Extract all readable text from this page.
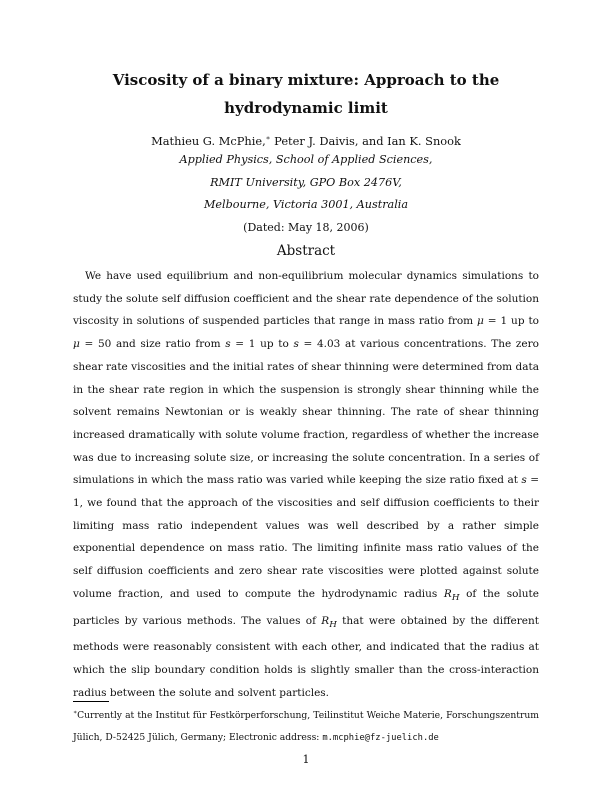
Viscosity of a binary mixture: Approach to the hydrodynamic limit
Mathieu G. McPhie,∗ Peter J. Daivis, and Ian K. Snook
Applied Physics, School of Applied Sciences,
RMIT University, GPO Box 2476V,
Melbourne, Victoria 3001, Australia
(Dated: May 18, 2006)
Abstract

We have used equilibrium and non-equilibrium molecular dynamics simulations to study the solute self diffusion coefficient and the shear rate dependence of the solution viscosity in solutions of suspended particles that range in mass ratio from μ = 1 up to μ = 50 and size ratio from s = 1 up to s = 4.03 at various concentrations. The zero shear rate viscosities and the initial rates of shear thinning were determined from data in the shear rate region in which the suspension is strongly shear thinning while the solvent remains Newtonian or is weakly shear thinning. The rate of shear thinning increased dramatically with solute volume fraction, regardless of whether the increase was due to increasing solute size, or increasing the solute concentration. In a series of simulations in which the mass ratio was varied while keeping the size ratio fixed at s = 1, we found that the approach of the viscosities and self diffusion coefficients to their limiting mass ratio independent values was well described by a rather simple exponential dependence on mass ratio. The limiting infinite mass ratio values of the self diffusion coefficients and zero shear rate viscosities were plotted against solute volume fraction, and used to compute the hydrodynamic radius $R_H$ of the solute particles by various methods. The values of $R_H$ that were obtained by the different methods were reasonably consistent with each other, and indicated that the radius at which the slip boundary condition holds is slightly smaller than the cross-interaction radius between the solute and solvent particles.

∗Currently at the Institut für Festkörperforschung, Teilinstitut Weiche Materie, Forschungszentrum Jülich, D-52425 Jülich, Germany; Electronic address: m.mcphie@fz-juelich.de
1
